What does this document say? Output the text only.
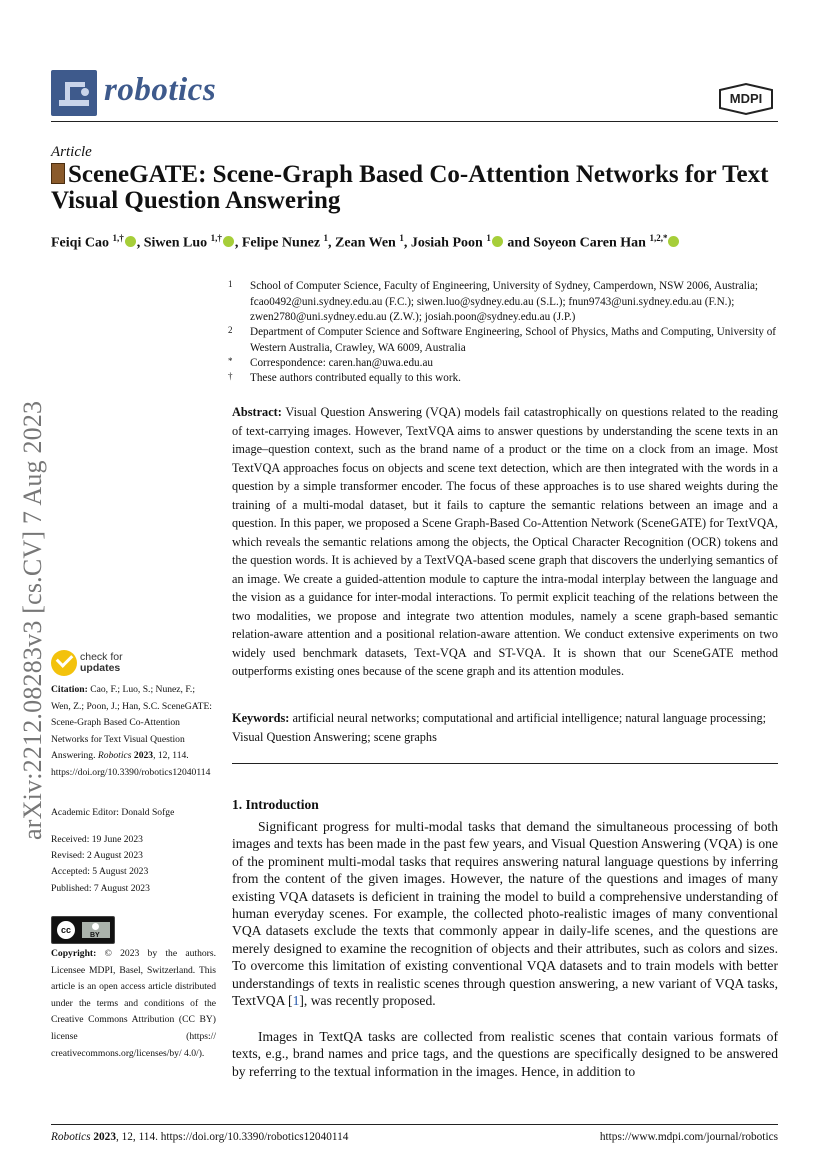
robotics	MDPI
Article
SceneGATE: Scene-Graph Based Co-Attention Networks for Text Visual Question Answering
Feiqi Cao $^{1,\dagger}$ , Siwen Luo $^{1,\dagger}$ , Felipe Nunez $^1$, Zean Wen $^1$, Josiah Poon $^1$ and Soyeon Caren Han $^{1,2,*}$
1 School of Computer Science, Faculty of Engineering, University of Sydney, Camperdown, NSW 2006, Australia; fcao0492@uni.sydney.edu.au (F.C.); siwen.luo@sydney.edu.au (S.L.); fnun9743@uni.sydney.edu.au (F.N.); zwen2780@uni.sydney.edu.au (Z.W.); josiah.poon@sydney.edu.au (J.P.)
2 Department of Computer Science and Software Engineering, School of Physics, Maths and Computing, University of Western Australia, Crawley, WA 6009, Australia
* Correspondence: caren.han@uwa.edu.au
† These authors contributed equally to this work.
arXiv:2212.08283v3 [cs.CV] 7 Aug 2023	Abstract: Visual Question Answering (VQA) models fail catastrophically on questions related to the reading of text-carrying images. However, TextVQA aims to answer questions by understanding the scene texts in an image–question context, such as the brand name of a product or the time on a clock from an image. Most TextVQA approaches focus on objects and scene text detection, which are then integrated with the words in a question by a simple transformer encoder. The focus of these approaches is to use shared weights during the training of a multi-modal dataset, but it fails to capture the semantic relations between an image and a question. In this paper, we proposed a Scene Graph-Based Co-Attention Network (SceneGATE) for TextVQA, which reveals the semantic relations among the objects, the Optical Character Recognition (OCR) tokens and the question words. It is achieved by a TextVQA-based scene graph that discovers the underlying semantics of an image. We create a guided-attention module to capture the intra-modal interplay between the language and the vision as a guidance for inter-modal interactions. To permit explicit teaching of the relations between the two modalities, we propose and integrate two attention modules, namely a scene graph-based semantic relation-aware attention and a positional relation-aware attention. We conduct extensive experiments on two widely used benchmark datasets, Text-VQA and ST-VQA. It is shown that our SceneGATE method outperforms existing ones because of the scene graph and its attention modules.
Keywords: artificial neural networks; computational and artificial intelligence; natural language processing; Visual Question Answering; scene graphs
check for
updates
Citation: Cao, F.; Luo, S.; Nunez, F.; Wen, Z.; Poon, J.; Han, S.C. SceneGATE: Scene-Graph Based Co-Attention Networks for Text Visual Question Answering. Robotics 2023, 12, 114. https://doi.org/10.3390/robotics12040114
Academic Editor: Donald Sofge
Received: 19 June 2023
Revised: 2 August 2023
Accepted: 5 August 2023
Published: 7 August 2023
cc
BY
Copyright: © 2023 by the authors. Licensee MDPI, Basel, Switzerland. This article is an open access article distributed under the terms and conditions of the Creative Commons Attribution (CC BY) license (https:// creativecommons.org/licenses/by/ 4.0/).
1. Introduction
Significant progress for multi-modal tasks that demand the simultaneous processing of both images and texts has been made in the past few years, and Visual Question Answering (VQA) is one of the prominent multi-modal tasks that requires answering natural language questions by inferring from the content of the given images. However, the nature of the questions and images of many existing VQA datasets is deficient in training the model to build a comprehensive understanding of human everyday scenes. For example, the collected photo-realistic images of many conventional VQA datasets exclude the texts that commonly appear in daily-life scenes, and the questions are merely designed to examine the recognition of objects and their attributes, such as colors and sizes. To overcome this limitation of existing conventional VQA datasets and to train models with better understandings of texts in realistic scenes through question answering, a new variant of VQA tasks, TextVQA [1], was recently proposed.
Images in TextQA tasks are collected from realistic scenes that contain various formats of texts, e.g., brand names and price tags, and the questions are specifically designed to be answered by referring to the textual information in the images. Hence, in addition to
Robotics 2023, 12, 114. https://doi.org/10.3390/robotics12040114	https://www.mdpi.com/journal/robotics
